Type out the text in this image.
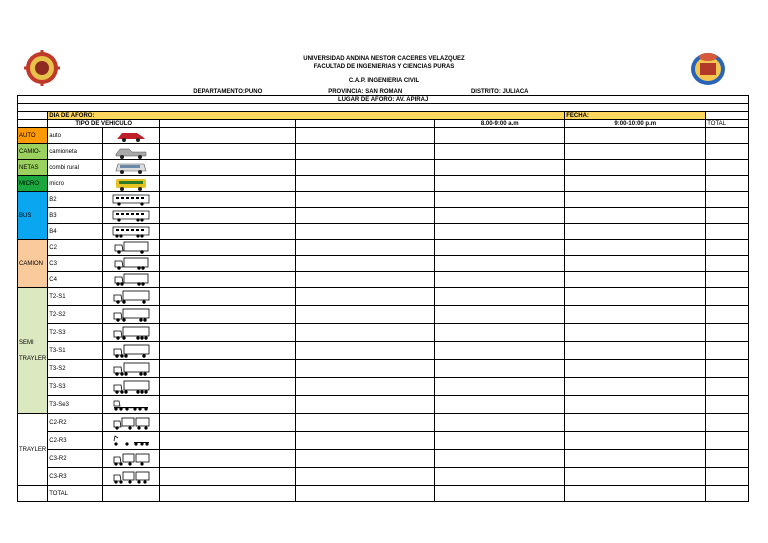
UNIVERSIDAD ANDINA NESTOR CACERES VELAZQUEZ
FACULTAD DE INGENIERIAS Y CIENCIAS PURAS
C.A.P. INGENIERIA CIVIL
			DEPARTAMENTO:PUNO	PROVINCIA: SAN ROMAN	DISTRITO: JULIACA		
LUGAR DE AFORO: AV. APIRAJ							

	DIA DE AFORO:					FECHA:	
	TIPO DE VEHICULO				8.00-9:00 a.m	9:00-10:00 p.m	TOTAL
AUTO	auto	

CAMIO-	camioneta	

NETAS	combi rural	

MICRO	micro	

BUS	B2	

	B3	

	B4	

CAMION	C2	

	C3	

	C4	

SEMI
TRAYLER	T2-S1	

	T2-S2	

	T2-S3	

	T3-S1	

	T3-S2	

	T3-S3	

	T3-Se3	

TRAYLER	C2-R2	

	C2-R3	

	C3-R2	

	C3-R3	

	TOTAL						
